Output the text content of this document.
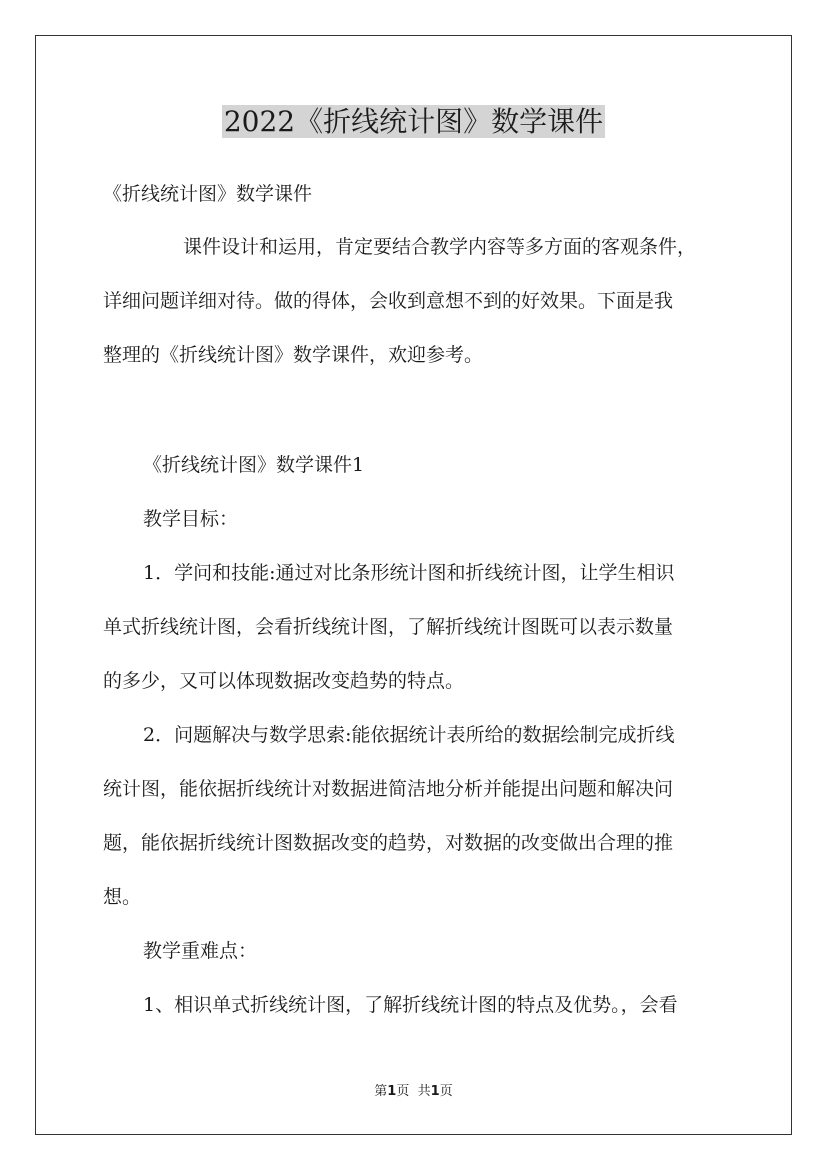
2022《折线统计图》数学课件

《折线统计图》数学课件

课件设计和运用，肯定要结合教学内容等多方面的客观条件，

详细问题详细对待。做的得体，会收到意想不到的好效果。下面是我

整理的《折线统计图》数学课件，欢迎参考。

《折线统计图》数学课件1

教学目标：

1．学问和技能:通过对比条形统计图和折线统计图，让学生相识

单式折线统计图，会看折线统计图，了解折线统计图既可以表示数量

的多少，又可以体现数据改变趋势的特点。

2．问题解决与数学思索:能依据统计表所给的数据绘制完成折线

统计图，能依据折线统计对数据进简洁地分析并能提出问题和解决问

题，能依据折线统计图数据改变的趋势，对数据的改变做出合理的推

想。

教学重难点：

1、相识单式折线统计图，了解折线统计图的特点及优势。，会看

第1页 共1页
